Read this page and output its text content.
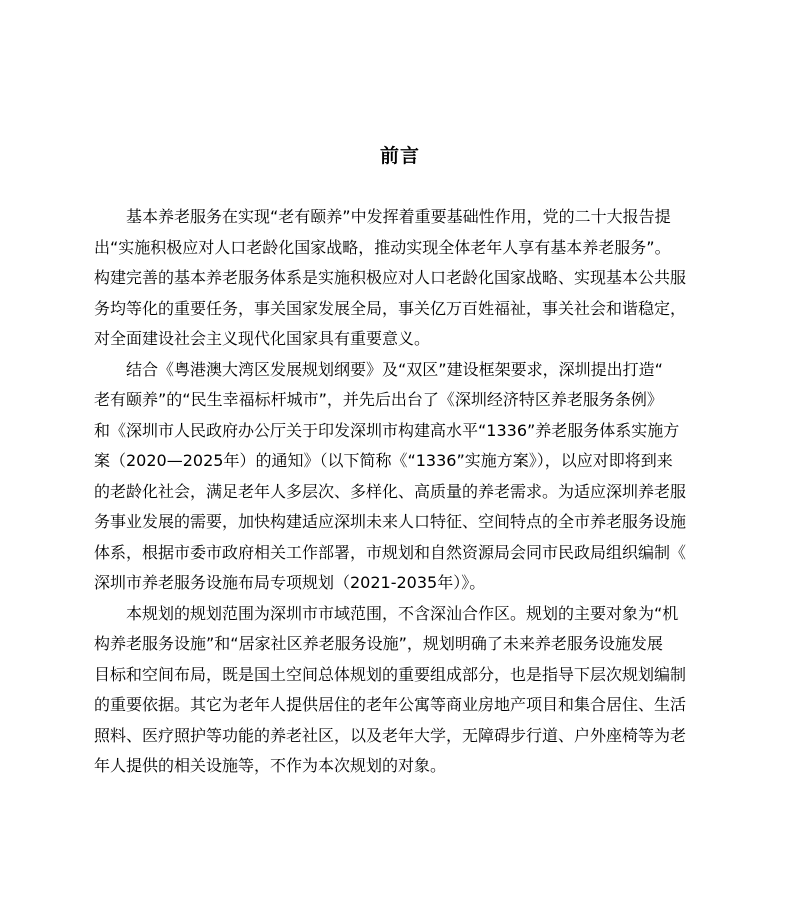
前言

基本养老服务在实现“老有颐养”中发挥着重要基础性作用，党的二十大报告提
出“实施积极应对人口老龄化国家战略，推动实现全体老年人享有基本养老服务”。
构建完善的基本养老服务体系是实施积极应对人口老龄化国家战略、实现基本公共服
务均等化的重要任务，事关国家发展全局，事关亿万百姓福祉，事关社会和谐稳定，
对全面建设社会主义现代化国家具有重要意义。

结合《粤港澳大湾区发展规划纲要》及“双区”建设框架要求，深圳提出打造“
老有颐养”的“民生幸福标杆城市”，并先后出台了《深圳经济特区养老服务条例》
和《深圳市人民政府办公厅关于印发深圳市构建高水平“1336”养老服务体系实施方
案（2020—2025年）的通知》（以下简称《“1336”实施方案》），以应对即将到来
的老龄化社会，满足老年人多层次、多样化、高质量的养老需求。为适应深圳养老服
务事业发展的需要，加快构建适应深圳未来人口特征、空间特点的全市养老服务设施
体系，根据市委市政府相关工作部署，市规划和自然资源局会同市民政局组织编制《
深圳市养老服务设施布局专项规划（2021-2035年）》。

本规划的规划范围为深圳市市域范围，不含深汕合作区。规划的主要对象为“机
构养老服务设施”和“居家社区养老服务设施”，规划明确了未来养老服务设施发展
目标和空间布局，既是国土空间总体规划的重要组成部分，也是指导下层次规划编制
的重要依据。其它为老年人提供居住的老年公寓等商业房地产项目和集合居住、生活
照料、医疗照护等功能的养老社区，以及老年大学，无障碍步行道、户外座椅等为老
年人提供的相关设施等，不作为本次规划的对象。
